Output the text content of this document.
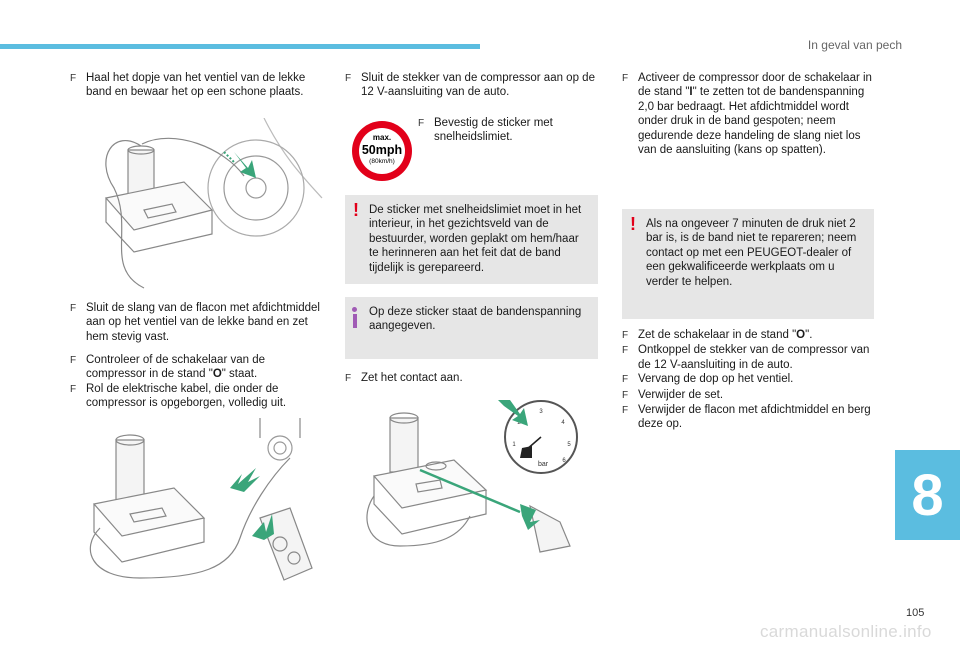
In geval van pech
F Haal het dopje van het ventiel van de lekke band en bewaar het op een schone plaats.
F Sluit de slang van de flacon met afdichtmiddel aan op het ventiel van de lekke band en zet hem stevig vast.
F Controleer of de schakelaar van de compressor in de stand "O" staat.
F Rol de elektrische kabel, die onder de compressor is opgeborgen, volledig uit.
F Sluit de stekker van de compressor aan op de 12 V-aansluiting van de auto.
max.
50mph
(80km/h)
F Bevestig de sticker met snelheidslimiet.
! De sticker met snelheidslimiet moet in het interieur, in het gezichtsveld van de bestuurder, worden geplakt om hem/haar te herinneren aan het feit dat de band tijdelijk is gerepareerd.
Op deze sticker staat de bandenspanning aangegeven.
F Zet het contact aan.
1
2
3
4
5
6
bar
F Activeer de compressor door de schakelaar in de stand "I" te zetten tot de bandenspanning 2,0 bar bedraagt. Het afdichtmiddel wordt onder druk in de band gespoten; neem gedurende deze handeling de slang niet los van de aansluiting (kans op spatten).
! Als na ongeveer 7 minuten de druk niet 2 bar is, is de band niet te repareren; neem contact op met een PEUGEOT-dealer of een gekwalificeerde werkplaats om u verder te helpen.
F Zet de schakelaar in de stand "O".
F Ontkoppel de stekker van de compressor van de 12 V-aansluiting in de auto.
F Vervang de dop op het ventiel.
F Verwijder de set.
F Verwijder de flacon met afdichtmiddel en berg deze op.
8
105
carmanualsonline.info
